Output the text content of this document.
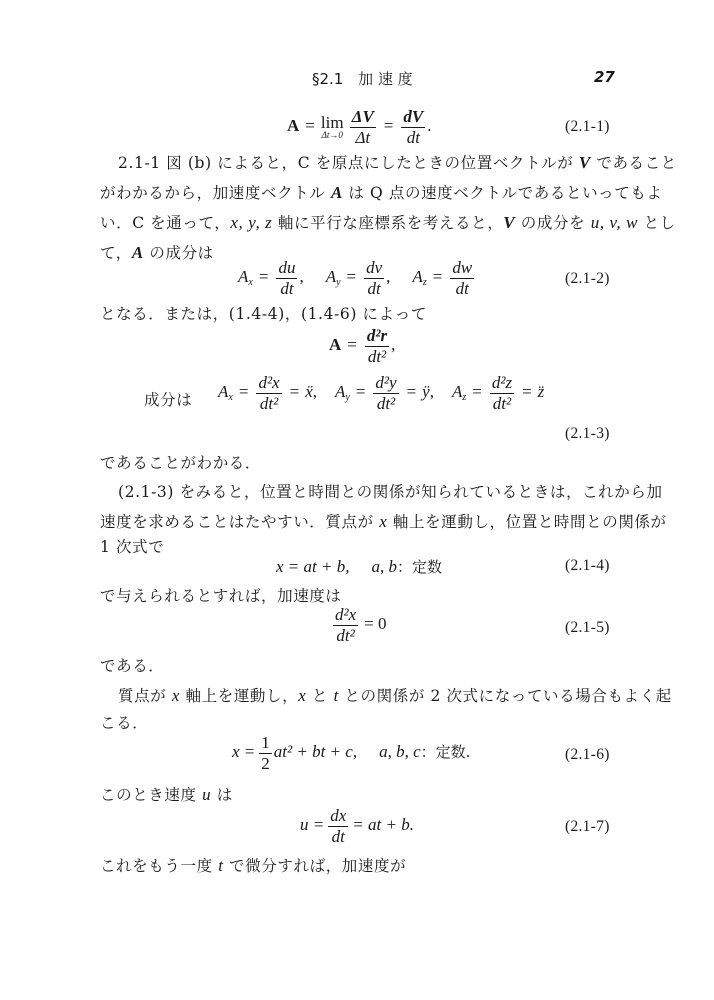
§2.1 加 速 度	27
A = lim
Δt→0
$\frac{\Delta V}{\Delta t} = \frac{dV}{dt}$ .	(2.1-1)
2.1-1 図 (b) によると，C を原点にしたときの位置ベクトルが V であること
がわかるから，加速度ベクトル A は Q 点の速度ベクトルであるといってもよ
い．C を通って，x, y, z 軸に平行な座標系を考えると，V の成分を u, v, w とし
て，A の成分は
$A_x = \frac{du}{dt}$ , $A_y = \frac{dv}{dt}$ , $A_z = \frac{dw}{dt}$	(2.1-2)
となる．または，(1.4-4)，(1.4-6) によって
$A = \frac{\text{d²r}}{\text{dt²}}$ ,
成分は $A_x = \frac{\text{d²x}}{\text{dt²}}$ = ẍ, $A_y = \frac{\text{d²y}}{\text{dt²}}$ = ÿ, $A_z = \frac{\text{d²z}}{\text{dt²}}$ = z̈
(2.1-3)
であることがわかる．
(2.1-3) をみると，位置と時間との関係が知られているときは，これから加
速度を求めることはたやすい．質点が x 軸上を運動し，位置と時間との関係が
1 次式で
x = at + b, a, b：定数	(2.1-4)
で与えられるとすれば，加速度は
$\frac{\text{d²x}}{\text{dt²}} = 0$	(2.1-5)
である．
質点が x 軸上を運動し，x と t との関係が 2 次式になっている場合もよく起
こる．
$x = \frac{1}{2} at^2$ + bt + c, a, b, c：定数.	(2.1-6)
このとき速度 u は
$u = \frac{dx}{dt}$ = at + b.	(2.1-7)
これをもう一度 t で微分すれば，加速度が
